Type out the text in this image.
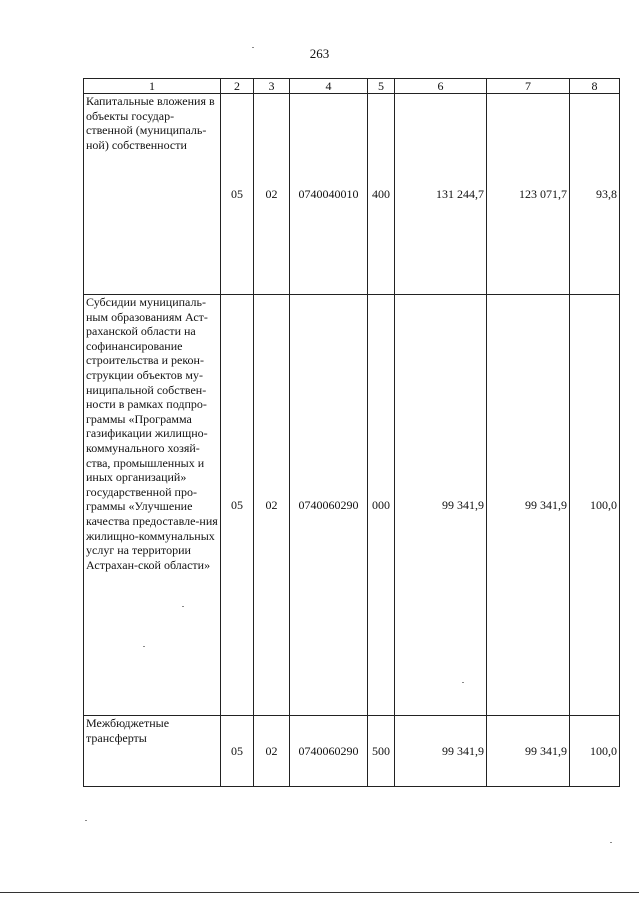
263
1	2	3	4	5	6	7	8
Капитальные вложения в объекты государ-ственной (муниципаль-ной) собственности	05	02	0740040010	400	131 244,7	123 071,7	93,8
Субсидии муниципаль-ным образованиям Аст-раханской области на софинансирование строительства и рекон-струкции объектов му-ниципальной собствен-ности в рамках подпро-граммы «Программа газификации жилищно-коммунального хозяй-ства, промышленных и иных организаций» государственной про-граммы «Улучшение качества предоставле-ния жилищно-коммунальных услуг на территории Астрахан-ской области»	05	02	0740060290	000	99 341,9	99 341,9	100,0
Межбюджетные трансферты	05	02	0740060290	500	99 341,9	99 341,9	100,0
